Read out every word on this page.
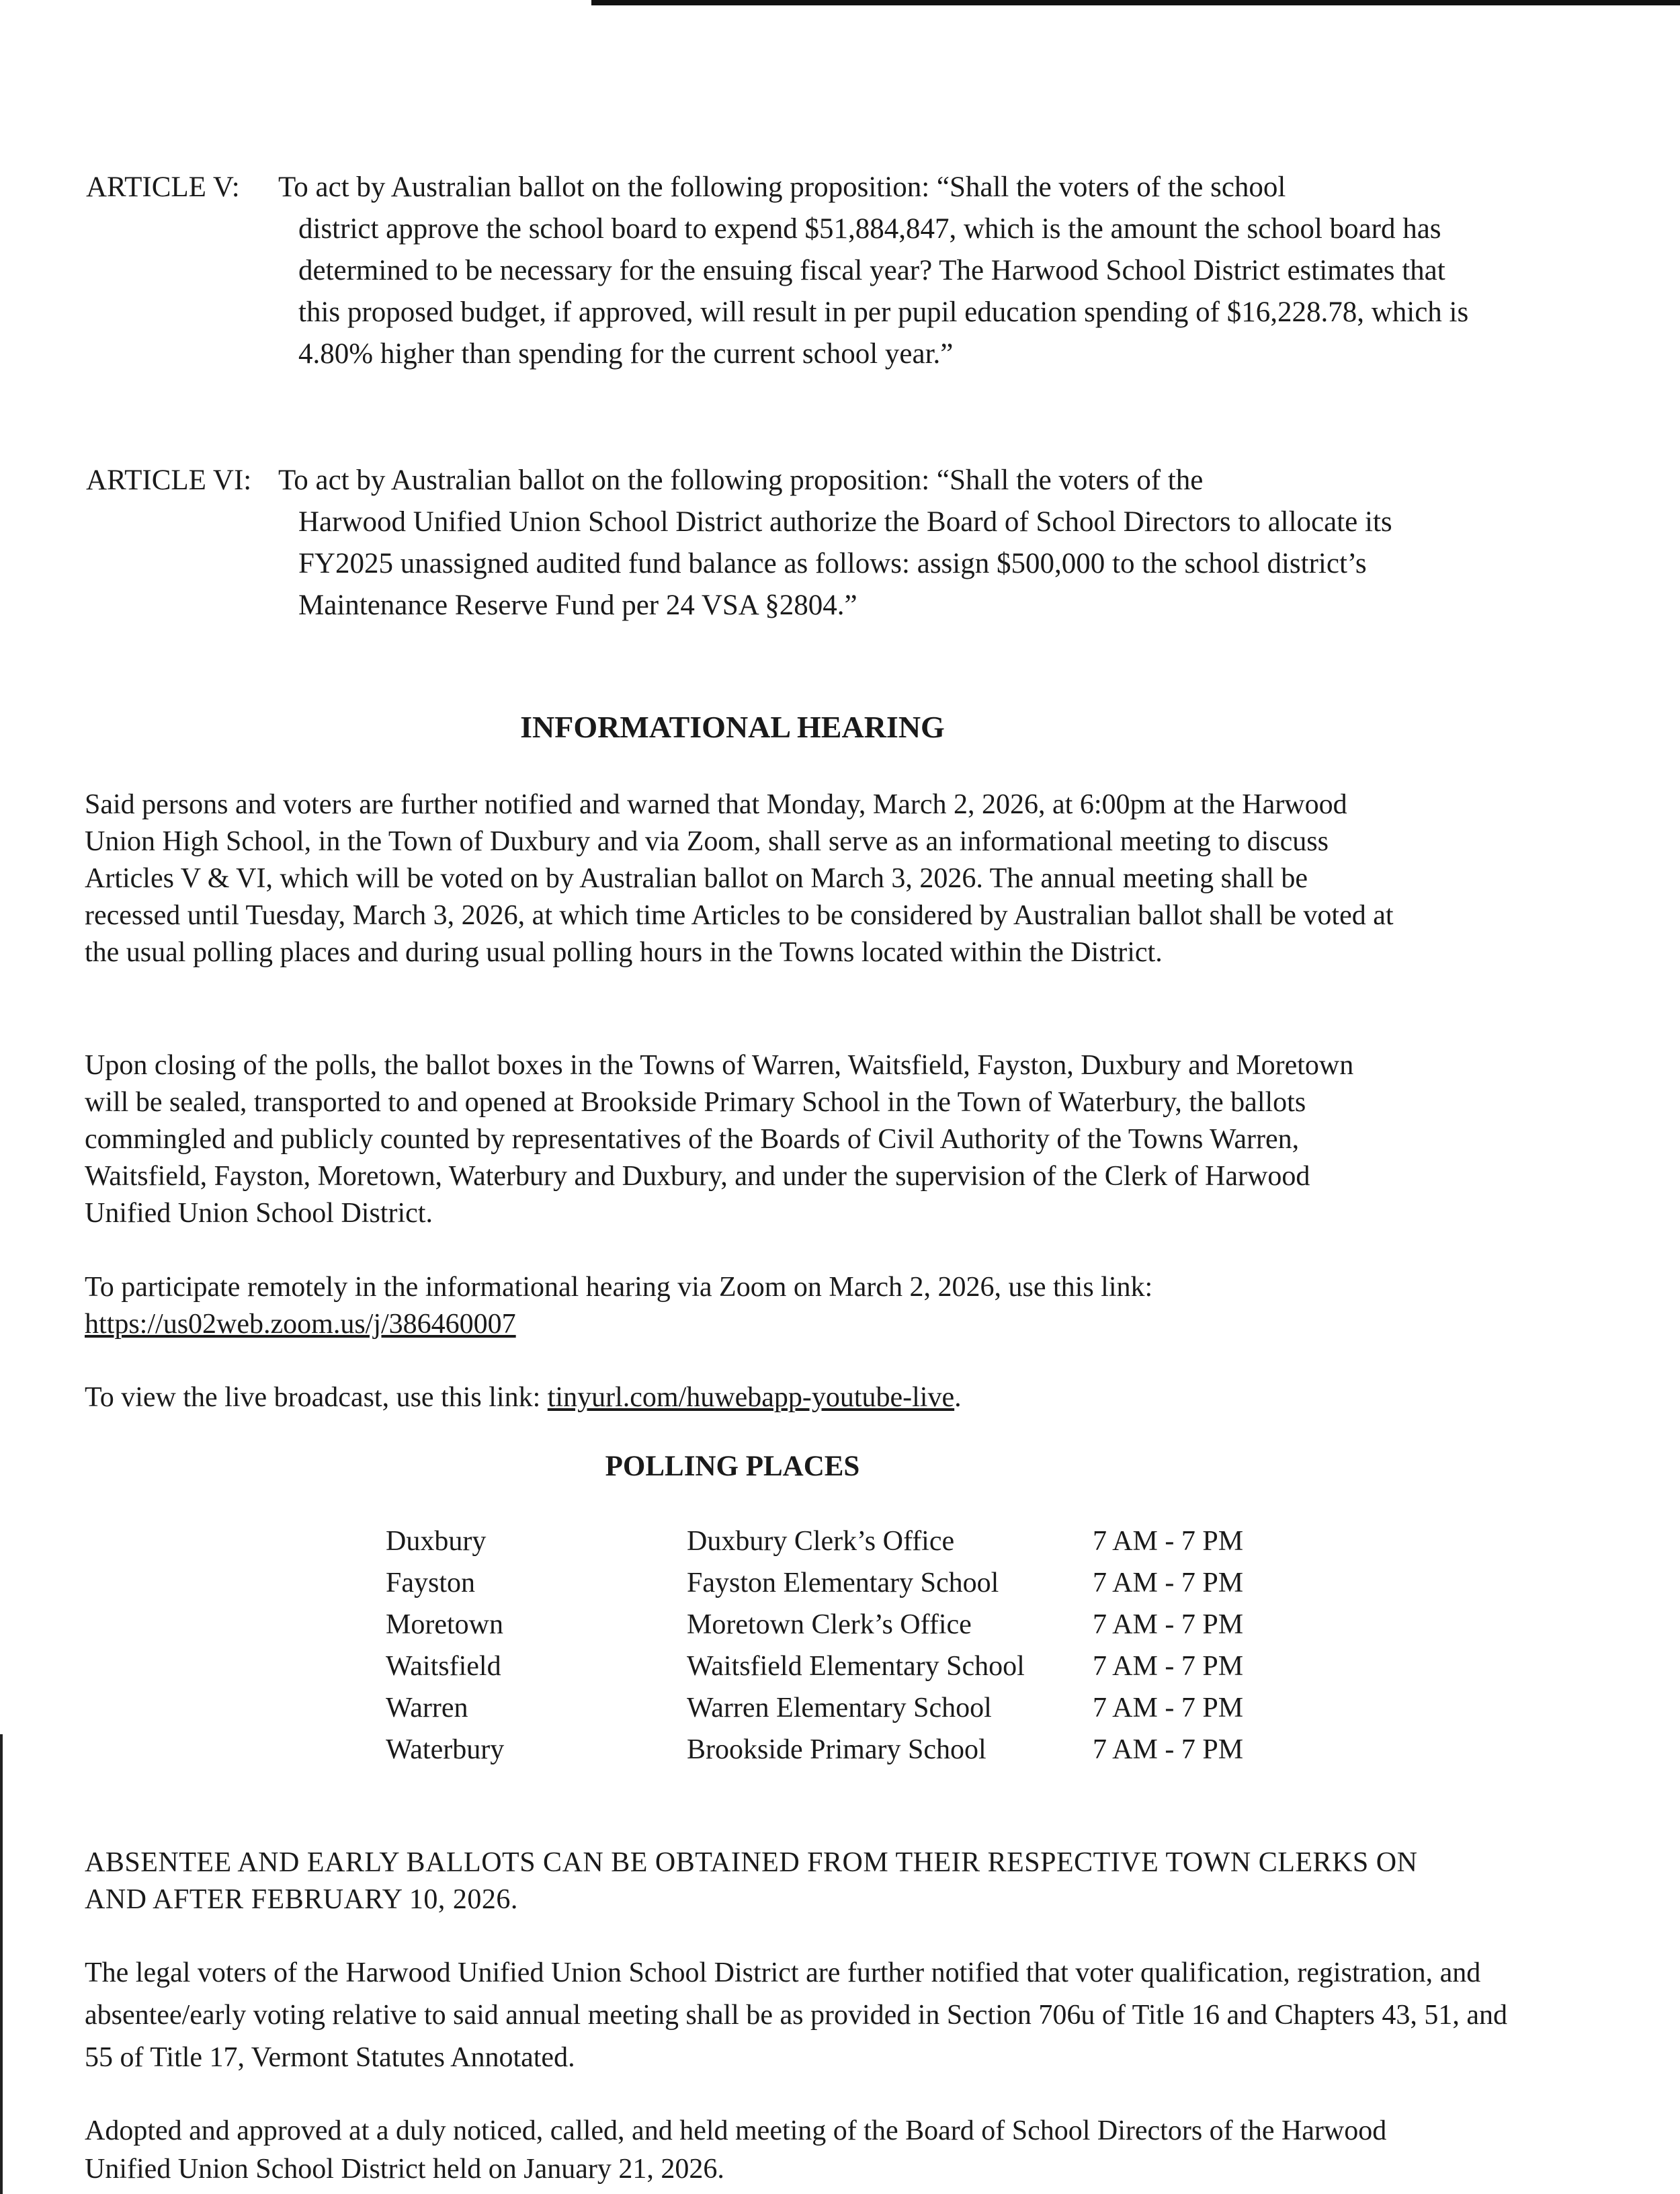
ARTICLE V: To act by Australian ballot on the following proposition: “Shall the voters of the school
district approve the school board to expend $51,884,847, which is the amount the school board has determined to be necessary for the ensuing fiscal year? The Harwood School District estimates that this proposed budget, if approved, will result in per pupil education spending of $16,228.78, which is 4.80% higher than spending for the current school year.”
ARTICLE VI: To act by Australian ballot on the following proposition: “Shall the voters of the
Harwood Unified Union School District authorize the Board of School Directors to allocate its FY2025 unassigned audited fund balance as follows: assign $500,000 to the school district’s Maintenance Reserve Fund per 24 VSA §2804.”
INFORMATIONAL HEARING
Said persons and voters are further notified and warned that Monday, March 2, 2026, at 6:00pm at the Harwood Union High School, in the Town of Duxbury and via Zoom, shall serve as an informational meeting to discuss Articles V & VI, which will be voted on by Australian ballot on March 3, 2026. The annual meeting shall be recessed until Tuesday, March 3, 2026, at which time Articles to be considered by Australian ballot shall be voted at the usual polling places and during usual polling hours in the Towns located within the District.
Upon closing of the polls, the ballot boxes in the Towns of Warren, Waitsfield, Fayston, Duxbury and Moretown will be sealed, transported to and opened at Brookside Primary School in the Town of Waterbury, the ballots commingled and publicly counted by representatives of the Boards of Civil Authority of the Towns Warren, Waitsfield, Fayston, Moretown, Waterbury and Duxbury, and under the supervision of the Clerk of Harwood Unified Union School District.
To participate remotely in the informational hearing via Zoom on March 2, 2026, use this link:
https://us02web.zoom.us/j/386460007
To view the live broadcast, use this link: tinyurl.com/huwebapp-youtube-live.
POLLING PLACES
Duxbury	Duxbury Clerk’s Office	7 AM - 7 PM
Fayston	Fayston Elementary School	7 AM - 7 PM
Moretown	Moretown Clerk’s Office	7 AM - 7 PM
Waitsfield	Waitsfield Elementary School	7 AM - 7 PM
Warren	Warren Elementary School	7 AM - 7 PM
Waterbury	Brookside Primary School	7 AM - 7 PM
ABSENTEE AND EARLY BALLOTS CAN BE OBTAINED FROM THEIR RESPECTIVE TOWN CLERKS ON AND AFTER FEBRUARY 10, 2026.
The legal voters of the Harwood Unified Union School District are further notified that voter qualification, registration, and absentee/early voting relative to said annual meeting shall be as provided in Section 706u of Title 16 and Chapters 43, 51, and 55 of Title 17, Vermont Statutes Annotated.
Adopted and approved at a duly noticed, called, and held meeting of the Board of School Directors of the Harwood Unified Union School District held on January 21, 2026.
